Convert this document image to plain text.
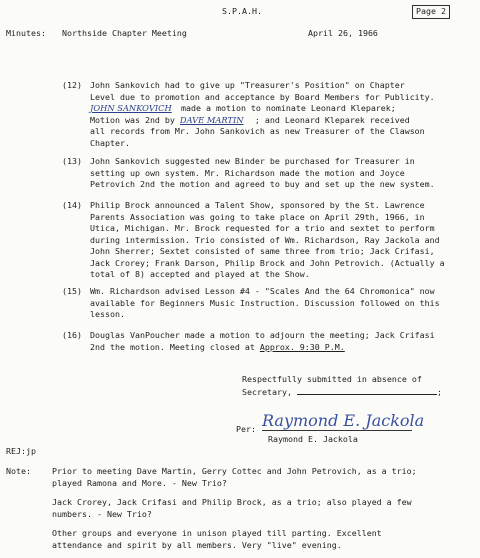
S.P.A.H.	Page 2
Minutes: Northside Chapter Meeting	April 26, 1966
(12) John Sankovich had to give up "Treasurer's Position" on Chapter
Level due to promotion and acceptance by Board Members for Publicity.
JOHN SANKOVICH made a motion to nominate Leonard Kleparek;
Motion was 2nd by DAVE MARTIN ; and Leonard Kleparek received
all records from Mr. John Sankovich as new Treasurer of the Clawson
Chapter.
(13) John Sankovich suggested new Binder be purchased for Treasurer in
setting up own system. Mr. Richardson made the motion and Joyce
Petrovich 2nd the motion and agreed to buy and set up the new system.
(14) Philip Brock announced a Talent Show, sponsored by the St. Lawrence
Parents Association was going to take place on April 29th, 1966, in
Utica, Michigan. Mr. Brock requested for a trio and sextet to perform
during intermission. Trio consisted of Wm. Richardson, Ray Jackola and
John Sherrer; Sextet consisted of same three from trio; Jack Crifasi,
Jack Crorey; Frank Darson, Philip Brock and John Petrovich. (Actually a
total of 8) accepted and played at the Show.
(15) Wm. Richardson advised Lesson #4 - "Scales And the 64 Chromonica" now
available for Beginners Music Instruction. Discussion followed on this
lesson.
(16) Douglas VanPoucher made a motion to adjourn the meeting; Jack Crifasi
2nd the motion. Meeting closed at Approx. 9:30 P.M.
Respectfully submitted in absence of
Secretary,	;
Per: Raymond E. Jackola
Raymond E. Jackola
REJ:jp
Note:	Prior to meeting Dave Martin, Gerry Cottec and John Petrovich, as a trio;
played Ramona and More. - New Trio?
Jack Crorey, Jack Crifasi and Philip Brock, as a trio; also played a few
numbers. - New Trio?
Other groups and everyone in unison played till parting. Excellent
attendance and spirit by all members. Very "live" evening.
